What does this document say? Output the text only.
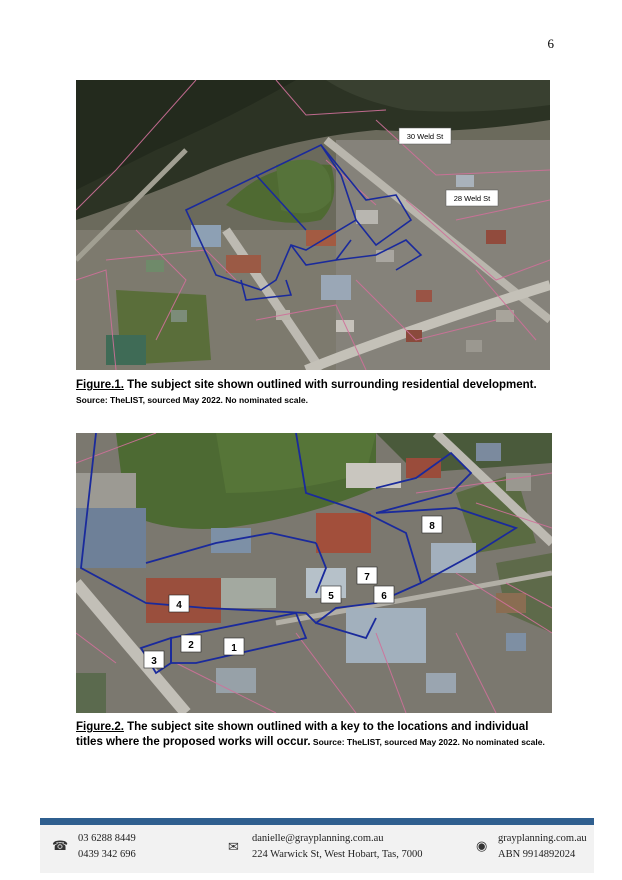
6
30 Weld St
28 Weld St
Figure.1. The subject site shown outlined with surrounding residential development.
Source: TheLIST, sourced May 2022. No nominated scale.
1
2
3
4
5	6
7
8
Figure.2. The subject site shown outlined with a key to the locations and individual titles where the proposed works will occur. Source: TheLIST, sourced May 2022. No nominated scale.
☎
03 6288 8449
0439 342 696	✉
danielle@grayplanning.com.au
224 Warwick St, West Hobart, Tas, 7000
◉
grayplanning.com.au
ABN 9914892024
